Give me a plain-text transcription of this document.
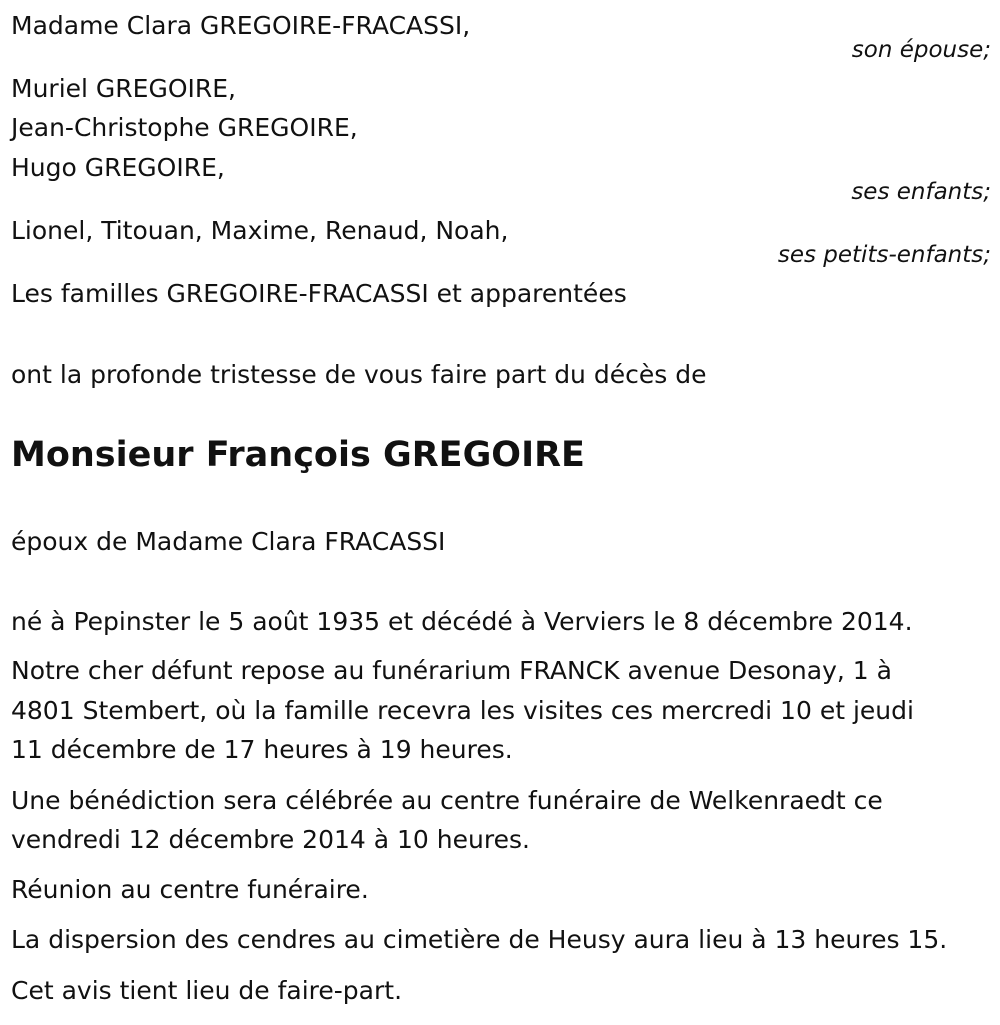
Madame Clara GREGOIRE-FRACASSI,
son épouse;
Muriel GREGOIRE,
Jean-Christophe GREGOIRE,
Hugo GREGOIRE,
ses enfants;
Lionel, Titouan, Maxime, Renaud, Noah,
ses petits-enfants;
Les familles GREGOIRE-FRACASSI et apparentées
ont la profonde tristesse de vous faire part du décès de
Monsieur François GREGOIRE
époux de Madame Clara FRACASSI
né à Pepinster le 5 août 1935 et décédé à Verviers le 8 décembre 2014.
Notre cher défunt repose au funérarium FRANCK avenue Desonay, 1 à
4801 Stembert, où la famille recevra les visites ces mercredi 10 et jeudi
11 décembre de 17 heures à 19 heures.
Une bénédiction sera célébrée au centre funéraire de Welkenraedt ce
vendredi 12 décembre 2014 à 10 heures.
Réunion au centre funéraire.
La dispersion des cendres au cimetière de Heusy aura lieu à 13 heures 15.
Cet avis tient lieu de faire-part.
